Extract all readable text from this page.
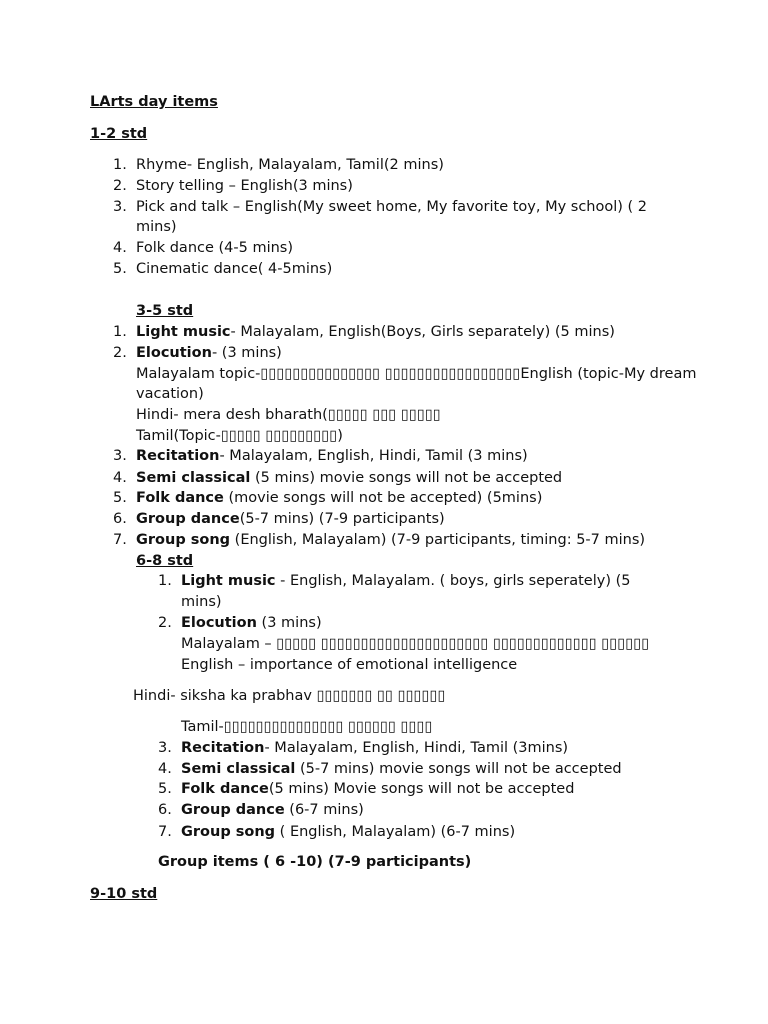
LArts day items
1-2 std
1. Rhyme- English, Malayalam, Tamil(2 mins)
2. Story telling – English(3 mins)
3. Pick and talk – English(My sweet home, My favorite toy, My school) ( 2
mins)
4. Folk dance (4-5 mins)
5. Cinematic dance( 4-5mins)
3-5 std
1. Light music- Malayalam, English(Boys, Girls separately) (5 mins)
2. Elocution- (3 mins)
Malayalam topic-▯▯▯▯▯▯▯▯▯▯▯▯▯▯▯ ▯▯▯▯▯▯▯▯▯▯▯▯▯▯▯▯▯English (topic-My dream
vacation)
Hindi- mera desh bharath(▯▯▯▯▯ ▯▯▯ ▯▯▯▯▯
Tamil(Topic-▯▯▯▯▯ ▯▯▯▯▯▯▯▯▯)
3. Recitation- Malayalam, English, Hindi, Tamil (3 mins)
4. Semi classical (5 mins) movie songs will not be accepted
5. Folk dance (movie songs will not be accepted) (5mins)
6. Group dance(5-7 mins) (7-9 participants)
7. Group song (English, Malayalam) (7-9 participants, timing: 5-7 mins)
6-8 std
1. Light music - English, Malayalam. ( boys, girls seperately) (5
mins)
2. Elocution (3 mins)
Malayalam – ▯▯▯▯▯ ▯▯▯▯▯▯▯▯▯▯▯▯▯▯▯▯▯▯▯▯▯ ▯▯▯▯▯▯▯▯▯▯▯▯▯ ▯▯▯▯▯▯
English – importance of emotional intelligence
Hindi- siksha ka prabhav ▯▯▯▯▯▯▯ ▯▯ ▯▯▯▯▯▯
Tamil-▯▯▯▯▯▯▯▯▯▯▯▯▯▯▯ ▯▯▯▯▯▯ ▯▯▯▯
3. Recitation- Malayalam, English, Hindi, Tamil (3mins)
4. Semi classical (5-7 mins) movie songs will not be accepted
5. Folk dance(5 mins) Movie songs will not be accepted
6. Group dance (6-7 mins)
7. Group song ( English, Malayalam) (6-7 mins)
Group items ( 6 -10) (7-9 participants)
9-10 std
